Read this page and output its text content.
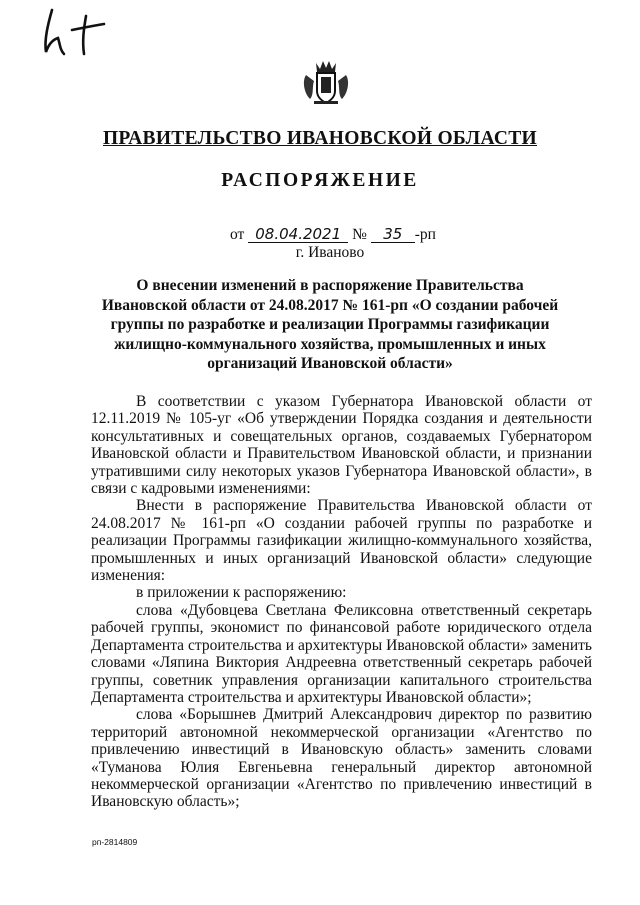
ПРАВИТЕЛЬСТВО ИВАНОВСКОЙ ОБЛАСТИ
РАСПОРЯЖЕНИЕ
от 08.04.2021 № 35 -рп
г. Иваново
О внесении изменений в распоряжение Правительства Ивановской области от 24.08.2017 № 161-рп «О создании рабочей группы по разработке и реализации Программы газификации жилищно-коммунального хозяйства, промышленных и иных организаций Ивановской области»

В соответствии с указом Губернатора Ивановской области от 12.11.2019 № 105-уг «Об утверждении Порядка создания и деятельности консультативных и совещательных органов, создаваемых Губернатором Ивановской области и Правительством Ивановской области, и признании утратившими силу некоторых указов Губернатора Ивановской области», в связи с кадровыми изменениями:

Внести в распоряжение Правительства Ивановской области от 24.08.2017 № 161-рп «О создании рабочей группы по разработке и реализации Программы газификации жилищно-коммунального хозяйства, промышленных и иных организаций Ивановской области» следующие изменения:

в приложении к распоряжению:

слова «Дубовцева Светлана Феликсовна ответственный секретарь рабочей группы, экономист по финансовой работе юридического отдела Департамента строительства и архитектуры Ивановской области» заменить словами «Ляпина Виктория Андреевна ответственный секретарь рабочей группы, советник управления организации капитального строительства Департамента строительства и архитектуры Ивановской области»;

слова «Борышнев Дмитрий Александрович директор по развитию территорий автономной некоммерческой организации «Агентство по привлечению инвестиций в Ивановскую область» заменить словами «Туманова Юлия Евгеньевна генеральный директор автономной некоммерческой организации «Агентство по привлечению инвестиций в Ивановскую область»;

рп-2814809
